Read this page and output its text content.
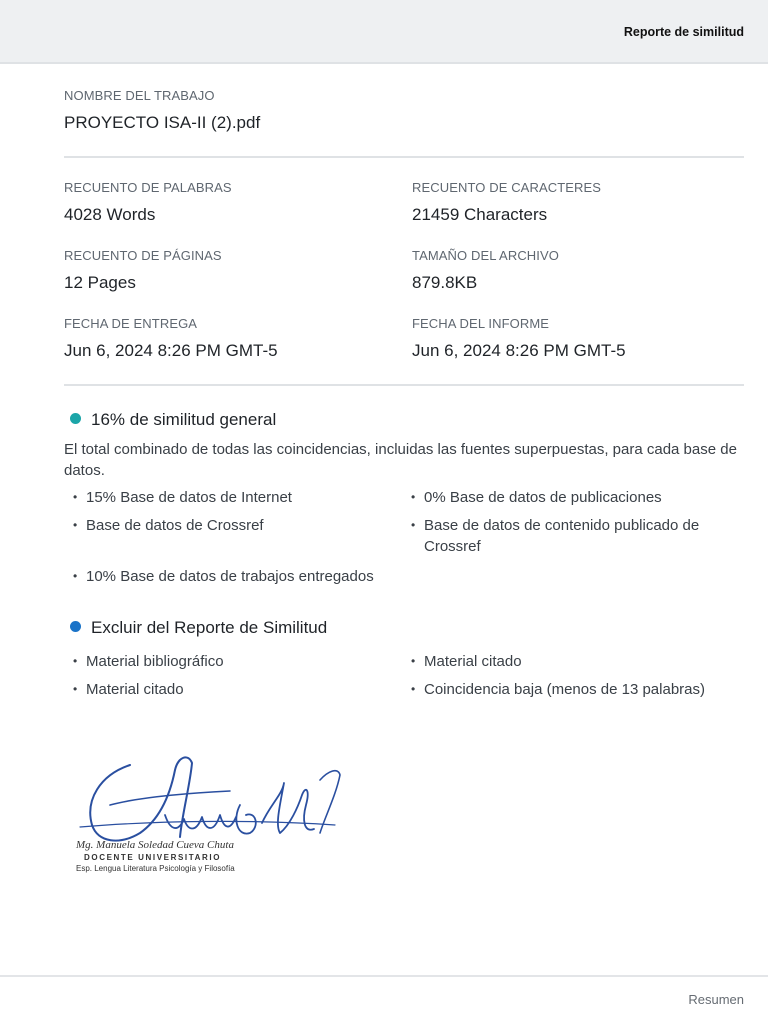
Reporte de similitud
NOMBRE DEL TRABAJO
PROYECTO ISA-II (2).pdf
RECUENTO DE PALABRAS
4028 Words
RECUENTO DE CARACTERES
21459 Characters
RECUENTO DE PÁGINAS
12 Pages
TAMAÑO DEL ARCHIVO
879.8KB
FECHA DE ENTREGA
Jun 6, 2024 8:26 PM GMT-5
FECHA DEL INFORME
Jun 6, 2024 8:26 PM GMT-5
16% de similitud general
El total combinado de todas las coincidencias, incluidas las fuentes superpuestas, para cada base de datos.
• 15% Base de datos de Internet	• 0% Base de datos de publicaciones
• Base de datos de Crossref	• Base de datos de contenido publicado de Crossref
• 10% Base de datos de trabajos entregados
Excluir del Reporte de Similitud
• Material bibliográfico	• Material citado
• Material citado	• Coincidencia baja (menos de 13 palabras)
Mg. Manuela Soledad Cueva Chuta
DOCENTE UNIVERSITARIO
Esp. Lengua Literatura Psicología y Filosofía
Resumen
